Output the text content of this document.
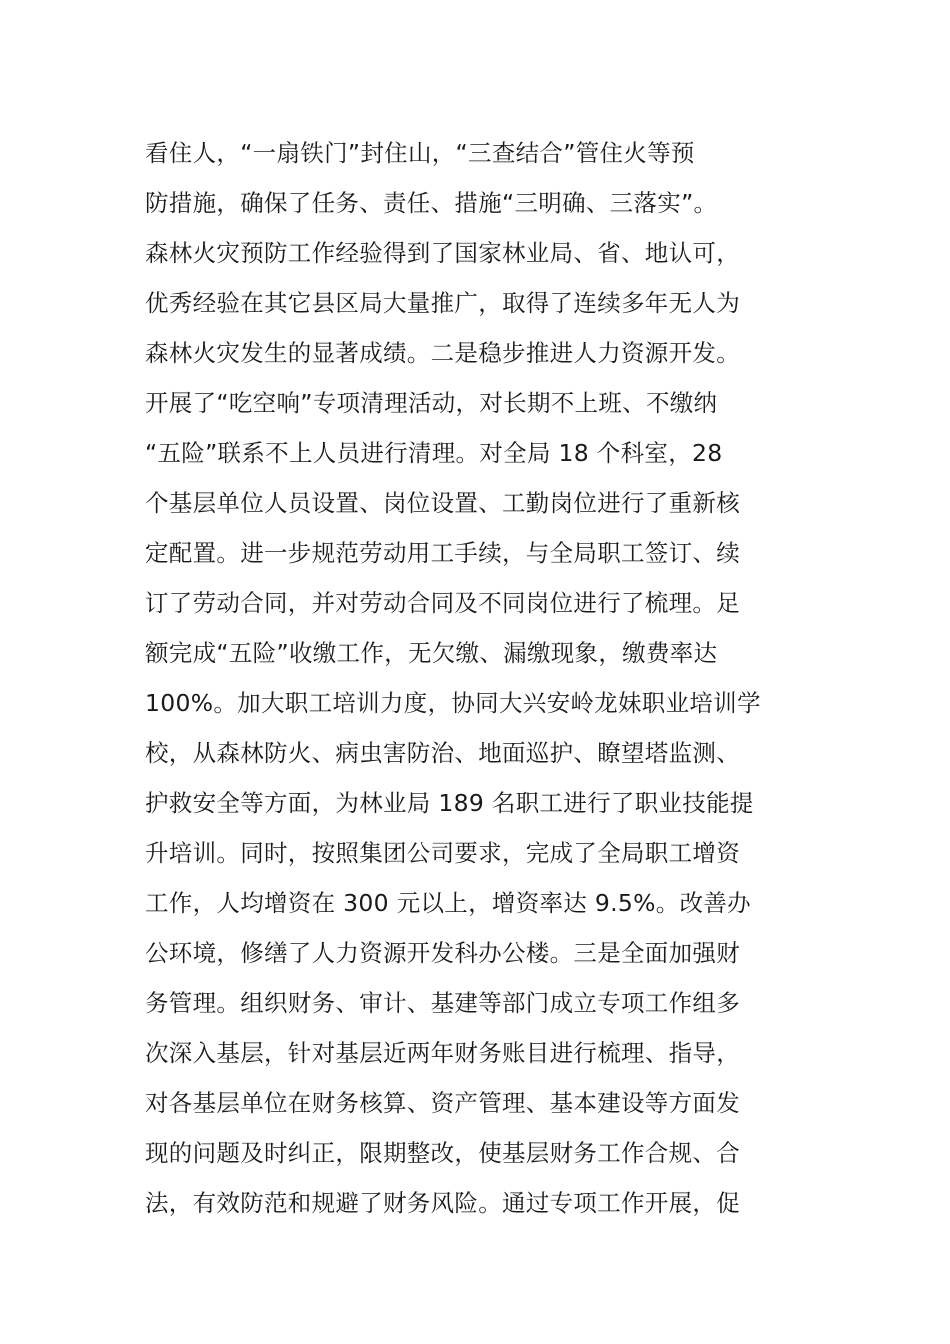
看住人，“一扇铁门”封住山，“三查结合”管住火等预
防措施，确保了任务、责任、措施“三明确、三落实”。
森林火灾预防工作经验得到了国家林业局、省、地认可，
优秀经验在其它县区局大量推广，取得了连续多年无人为
森林火灾发生的显著成绩。二是稳步推进人力资源开发。
开展了“吃空响”专项清理活动，对长期不上班、不缴纳
“五险”联系不上人员进行清理。对全局 18 个科室，28
个基层单位人员设置、岗位设置、工勤岗位进行了重新核
定配置。进一步规范劳动用工手续，与全局职工签订、续
订了劳动合同，并对劳动合同及不同岗位进行了梳理。足
额完成“五险”收缴工作，无欠缴、漏缴现象，缴费率达
100%。加大职工培训力度，协同大兴安岭龙妹职业培训学
校，从森林防火、病虫害防治、地面巡护、瞭望塔监测、
护救安全等方面，为林业局 189 名职工进行了职业技能提
升培训。同时，按照集团公司要求，完成了全局职工增资
工作，人均增资在 300 元以上，增资率达 9.5%。改善办
公环境，修缮了人力资源开发科办公楼。三是全面加强财
务管理。组织财务、审计、基建等部门成立专项工作组多
次深入基层，针对基层近两年财务账目进行梳理、指导，
对各基层单位在财务核算、资产管理、基本建设等方面发
现的问题及时纠正，限期整改，使基层财务工作合规、合
法，有效防范和规避了财务风险。通过专项工作开展，促
